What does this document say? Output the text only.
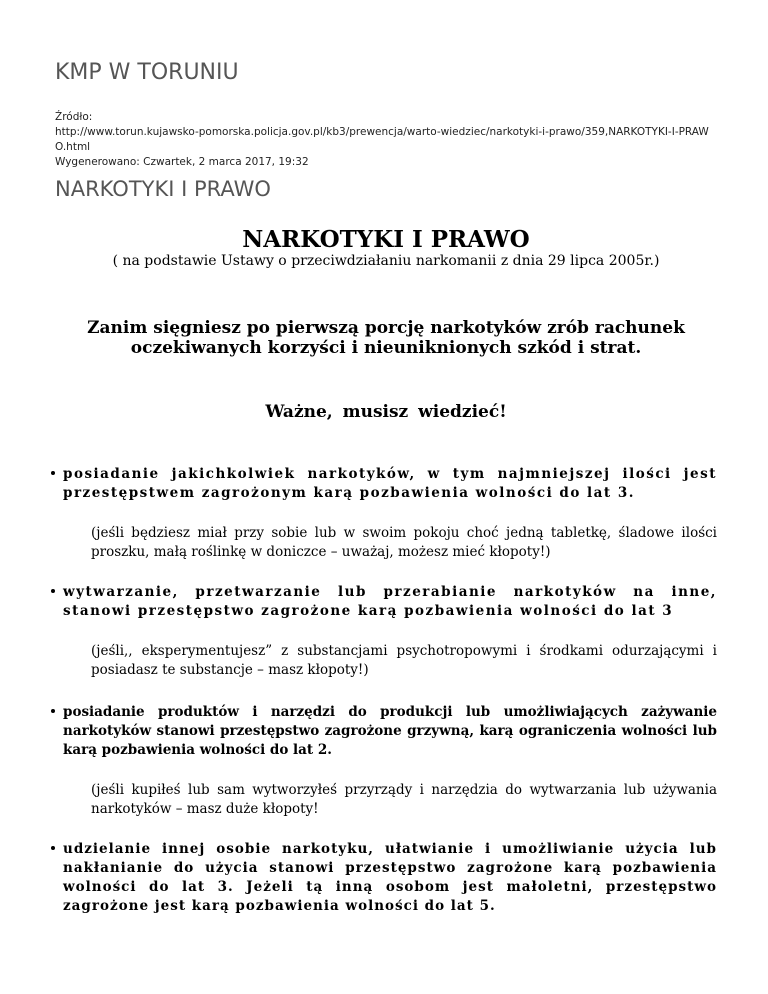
KMP W TORUNIU
Źródło:
http://www.torun.kujawsko-pomorska.policja.gov.pl/kb3/prewencja/warto-wiedziec/narkotyki-i-prawo/359,NARKOTYKI-I-PRAWO.html
Wygenerowano: Czwartek, 2 marca 2017, 19:32
NARKOTYKI I PRAWO
NARKOTYKI I PRAWO
( na podstawie Ustawy o przeciwdziałaniu narkomanii z dnia 29 lipca 2005r.)
Zanim sięgniesz po pierwszą porcję narkotyków zrób rachunek oczekiwanych korzyści i nieuniknionych szkód i strat.
Ważne, musisz wiedzieć!

posiadanie jakichkolwiek narkotyków, w tym najmniejszej ilości jest przestępstwem zagrożonym karą pozbawienia wolności do lat 3.

(jeśli będziesz miał przy sobie lub w swoim pokoju choć jedną tabletkę, śladowe ilości proszku, małą roślinkę w doniczce – uważaj, możesz mieć kłopoty!)

wytwarzanie, przetwarzanie lub przerabianie narkotyków na inne, stanowi przestępstwo zagrożone karą pozbawienia wolności do lat 3

(jeśli,, eksperymentujesz” z substancjami psychotropowymi i środkami odurzającymi i posiadasz te substancje – masz kłopoty!)

posiadanie produktów i narzędzi do produkcji lub umożliwiających zażywanie narkotyków stanowi przestępstwo zagrożone grzywną, karą ograniczenia wolności lub karą pozbawienia wolności do lat 2.

(jeśli kupiłeś lub sam wytworzyłeś przyrządy i narzędzia do wytwarzania lub używania narkotyków – masz duże kłopoty!

udzielanie innej osobie narkotyku, ułatwianie i umożliwianie użycia lub nakłanianie do użycia stanowi przestępstwo zagrożone karą pozbawienia wolności do lat 3. Jeżeli tą inną osobom jest małoletni, przestępstwo zagrożone jest karą pozbawienia wolności do lat 5.
